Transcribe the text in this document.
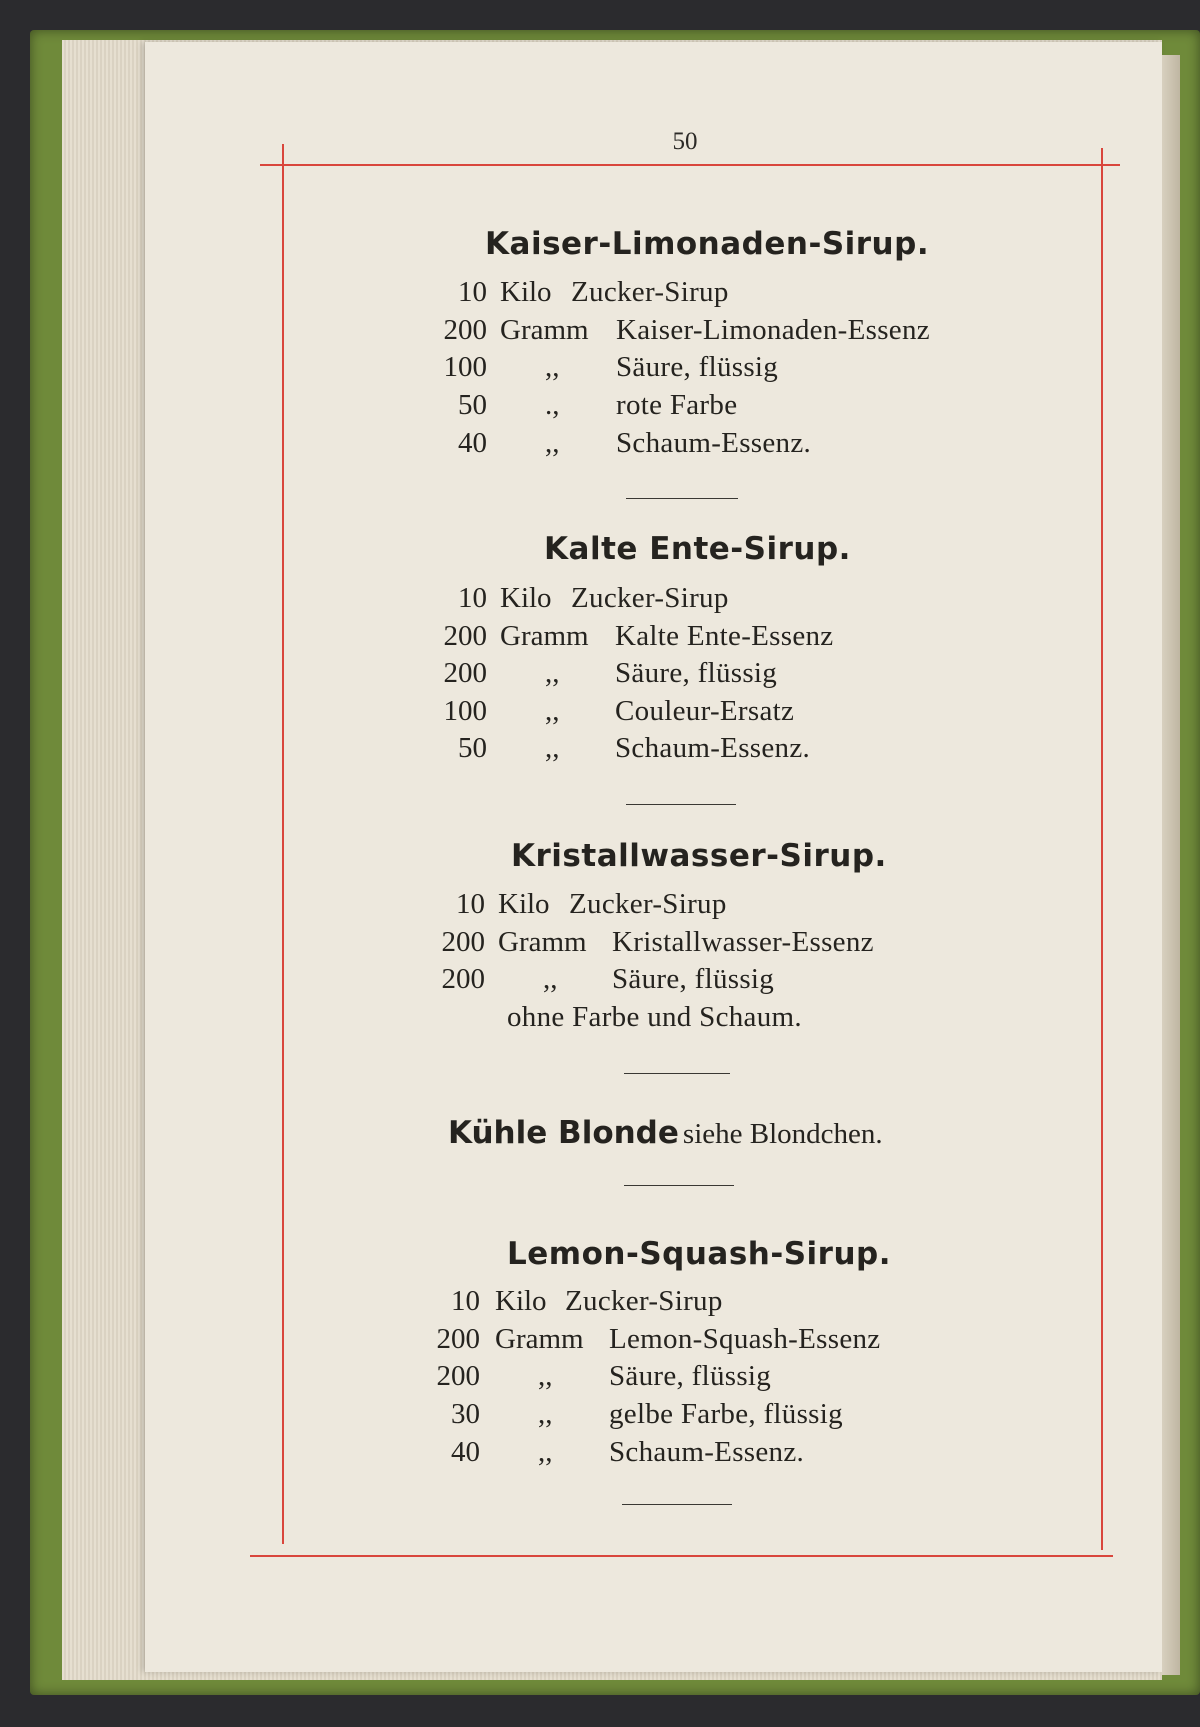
50
Kaiser-Limonaden-Sirup.
10 Kilo Zucker-Sirup
200 Gramm Kaiser-Limonaden-Essenz
100 ,, Säure, flüssig
50 ., rote Farbe
40 ,, Schaum-Essenz.
Kalte Ente-Sirup.
10 Kilo Zucker-Sirup
200 Gramm Kalte Ente-Essenz
200 ,, Säure, flüssig
100 ,, Couleur-Ersatz
50 ,, Schaum-Essenz.
Kristallwasser-Sirup.
10 Kilo Zucker-Sirup
200 Gramm Kristallwasser-Essenz
200 ,, Säure, flüssig
ohne Farbe und Schaum.
Kühle Blonde siehe Blondchen.
Lemon-Squash-Sirup.
10 Kilo Zucker-Sirup
200 Gramm Lemon-Squash-Essenz
200 ,, Säure, flüssig
30 ,, gelbe Farbe, flüssig
40 ,, Schaum-Essenz.
